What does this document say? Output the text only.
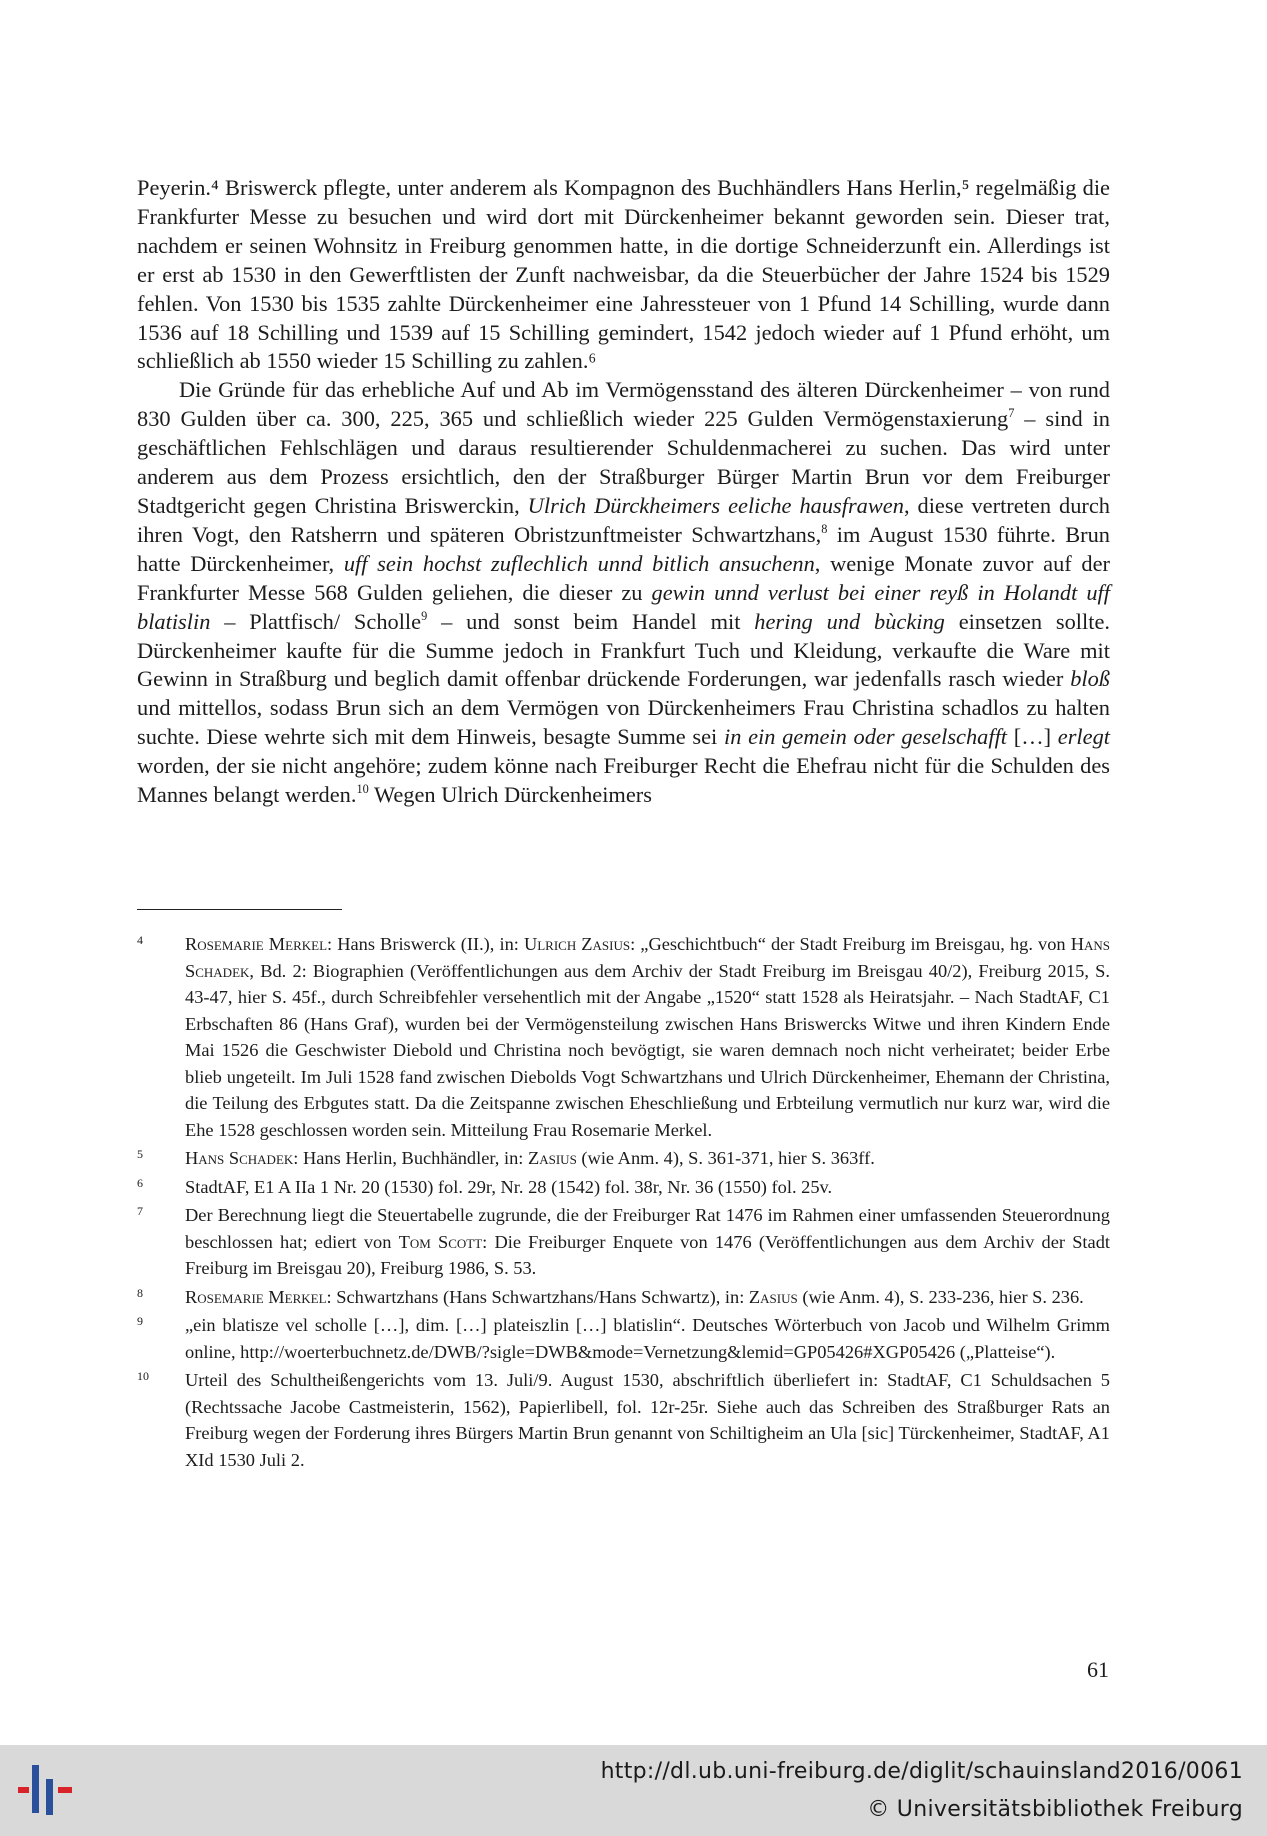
Peyerin.⁴ Briswerck pflegte, unter anderem als Kompagnon des Buchhändlers Hans Herlin,⁵ regelmäßig die Frankfurter Messe zu besuchen und wird dort mit Dürckenheimer bekannt geworden sein. Dieser trat, nachdem er seinen Wohnsitz in Freiburg genommen hatte, in die dortige Schneiderzunft ein. Allerdings ist er erst ab 1530 in den Gewerftlisten der Zunft nachweisbar, da die Steuerbücher der Jahre 1524 bis 1529 fehlen. Von 1530 bis 1535 zahlte Dürckenheimer eine Jahressteuer von 1 Pfund 14 Schilling, wurde dann 1536 auf 18 Schilling und 1539 auf 15 Schilling gemindert, 1542 jedoch wieder auf 1 Pfund erhöht, um schließlich ab 1550 wieder 15 Schilling zu zahlen.⁶

Die Gründe für das erhebliche Auf und Ab im Vermögensstand des älteren Dürckenheimer – von rund 830 Gulden über ca. 300, 225, 365 und schließlich wieder 225 Gulden Vermögenstaxierung$^7$ – sind in geschäftlichen Fehlschlägen und daraus resultierender Schuldenmacherei zu suchen. Das wird unter anderem aus dem Prozess ersichtlich, den der Straßburger Bürger Martin Brun vor dem Freiburger Stadtgericht gegen Christina Briswerckin, Ulrich Dürckheimers eeliche hausfrawen, diese vertreten durch ihren Vogt, den Ratsherrn und späteren Obristzunftmeister Schwartzhans,$^8$ im August 1530 führte. Brun hatte Dürckenheimer, uff sein hochst zuflechlich unnd bitlich ansuchenn, wenige Monate zuvor auf der Frankfurter Messe 568 Gulden geliehen, die dieser zu gewin unnd verlust bei einer reyß in Holandt uff blatislin – Plattfisch/ Scholle$^9$ – und sonst beim Handel mit hering und bùcking einsetzen sollte. Dürckenheimer kaufte für die Summe jedoch in Frankfurt Tuch und Kleidung, verkaufte die Ware mit Gewinn in Straßburg und beglich damit offenbar drückende Forderungen, war jedenfalls rasch wieder bloß und mittellos, sodass Brun sich an dem Vermögen von Dürckenheimers Frau Christina schadlos zu halten suchte. Diese wehrte sich mit dem Hinweis, besagte Summe sei in ein gemein oder geselschafft […] erlegt worden, der sie nicht angehöre; zudem könne nach Freiburger Recht die Ehefrau nicht für die Schulden des Mannes belangt werden.$^{10}$ Wegen Ulrich Dürckenheimers

4	Rosemarie Merkel: Hans Briswerck (II.), in: Ulrich Zasius: „Geschichtbuch“ der Stadt Freiburg im Breisgau, hg. von Hans Schadek, Bd. 2: Biographien (Veröffentlichungen aus dem Archiv der Stadt Freiburg im Breisgau 40/2), Freiburg 2015, S. 43-47, hier S. 45f., durch Schreibfehler versehentlich mit der Angabe „1520“ statt 1528 als Heiratsjahr. – Nach StadtAF, C1 Erbschaften 86 (Hans Graf), wurden bei der Vermögensteilung zwischen Hans Briswercks Witwe und ihren Kindern Ende Mai 1526 die Geschwister Diebold und Christina noch bevögtigt, sie waren demnach noch nicht verheiratet; beider Erbe blieb ungeteilt. Im Juli 1528 fand zwischen Diebolds Vogt Schwartzhans und Ulrich Dürckenheimer, Ehemann der Christina, die Teilung des Erbgutes statt. Da die Zeitspanne zwischen Eheschließung und Erbteilung vermutlich nur kurz war, wird die Ehe 1528 geschlossen worden sein. Mitteilung Frau Rosemarie Merkel.
5	Hans Schadek: Hans Herlin, Buchhändler, in: Zasius (wie Anm. 4), S. 361-371, hier S. 363ff.
6	StadtAF, E1 A IIa 1 Nr. 20 (1530) fol. 29r, Nr. 28 (1542) fol. 38r, Nr. 36 (1550) fol. 25v.
7	Der Berechnung liegt die Steuertabelle zugrunde, die der Freiburger Rat 1476 im Rahmen einer umfassenden Steuerordnung beschlossen hat; ediert von Tom Scott: Die Freiburger Enquete von 1476 (Veröffentlichungen aus dem Archiv der Stadt Freiburg im Breisgau 20), Freiburg 1986, S. 53.
8	Rosemarie Merkel: Schwartzhans (Hans Schwartzhans/Hans Schwartz), in: Zasius (wie Anm. 4), S. 233-236, hier S. 236.
9	„ein blatisze vel scholle […], dim. […] plateiszlin […] blatislin“. Deutsches Wörterbuch von Jacob und Wilhelm Grimm online, http://woerterbuchnetz.de/DWB/?sigle=DWB&mode=Vernetzung&lemid=GP05426#XGP05426 („Platteise“).
10	Urteil des Schultheißengerichts vom 13. Juli/9. August 1530, abschriftlich überliefert in: StadtAF, C1 Schuldsachen 5 (Rechtssache Jacobe Castmeisterin, 1562), Papierlibell, fol. 12r-25r. Siehe auch das Schreiben des Straßburger Rats an Freiburg wegen der Forderung ihres Bürgers Martin Brun genannt von Schiltigheim an Ula [sic] Türckenheimer, StadtAF, A1 XId 1530 Juli 2.
61
http://dl.ub.uni-freiburg.de/diglit/schauinsland2016/0061
© Universitätsbibliothek Freiburg
